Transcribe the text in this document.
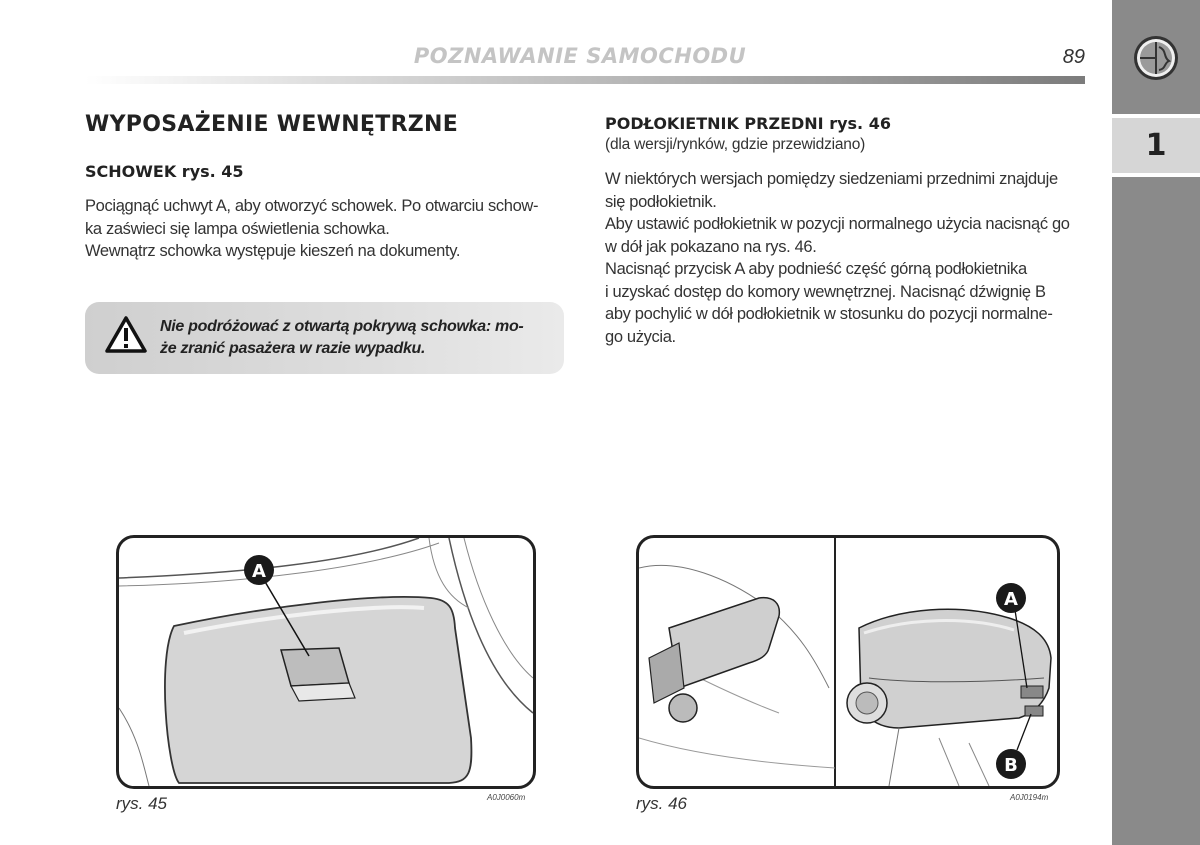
1
POZNAWANIE SAMOCHODU	89
WYPOSAŻENIE WEWNĘTRZNE
SCHOWEK rys. 45
Pociągnąć uchwyt A, aby otworzyć schowek. Po otwarciu schow-
ka zaświeci się lampa oświetlenia schowka.
Wewnątrz schowka występuje kieszeń na dokumenty.
Nie podróżować z otwartą pokrywą schowka: mo-
że zranić pasażera w razie wypadku.
PODŁOKIETNIK PRZEDNI rys. 46
(dla wersji/rynków, gdzie przewidziano)
W niektórych wersjach pomiędzy siedzeniami przednimi znajduje
się podłokietnik.
Aby ustawić podłokietnik w pozycji normalnego użycia nacisnąć go
w dół jak pokazano na rys. 46.
Nacisnąć przycisk A aby podnieść część górną podłokietnika
i uzyskać dostęp do komory wewnętrznej. Nacisnąć dźwignię B
aby pochylić w dół podłokietnik w stosunku do pozycji normalne-
go użycia.
A
rys. 45	A0J0060m
A
B
rys. 46	A0J0194m
